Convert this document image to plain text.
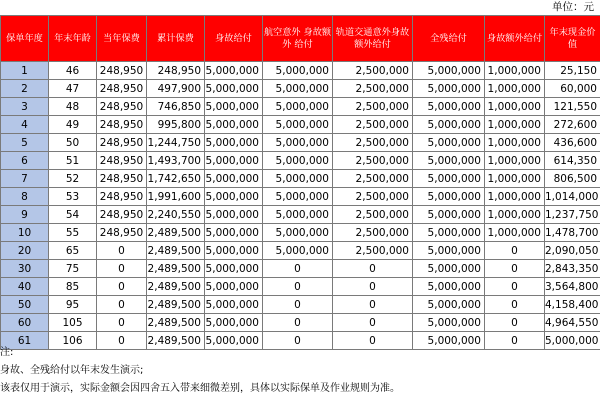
单位：元
保单年度	年末年龄	当年保费	累计保费	身故给付	航空意外 身故额外 给付	轨道交通意外身故 额外给付	全残给付	身故额外给付	年末现金价值
1	46	248,950	248,950	5,000,000	5,000,000	2,500,000	5,000,000	1,000,000	25,150
2	47	248,950	497,900	5,000,000	5,000,000	2,500,000	5,000,000	1,000,000	60,000
3	48	248,950	746,850	5,000,000	5,000,000	2,500,000	5,000,000	1,000,000	121,550
4	49	248,950	995,800	5,000,000	5,000,000	2,500,000	5,000,000	1,000,000	272,600
5	50	248,950	1,244,750	5,000,000	5,000,000	2,500,000	5,000,000	1,000,000	436,600
6	51	248,950	1,493,700	5,000,000	5,000,000	2,500,000	5,000,000	1,000,000	614,350
7	52	248,950	1,742,650	5,000,000	5,000,000	2,500,000	5,000,000	1,000,000	806,500
8	53	248,950	1,991,600	5,000,000	5,000,000	2,500,000	5,000,000	1,000,000	1,014,000
9	54	248,950	2,240,550	5,000,000	5,000,000	2,500,000	5,000,000	1,000,000	1,237,750
10	55	248,950	2,489,500	5,000,000	5,000,000	2,500,000	5,000,000	1,000,000	1,478,700
20	65	0	2,489,500	5,000,000	5,000,000	2,500,000	5,000,000	0	2,090,050
30	75	0	2,489,500	5,000,000	0	0	5,000,000	0	2,843,350
40	85	0	2,489,500	5,000,000	0	0	5,000,000	0	3,564,800
50	95	0	2,489,500	5,000,000	0	0	5,000,000	0	4,158,400
60	105	0	2,489,500	5,000,000	0	0	5,000,000	0	4,964,550
61	106	0	2,489,500	5,000,000	0	0	5,000,000	0	5,000,000
注:
身故、全残给付以年末发生演示;
该表仅用于演示，实际金额会因四舍五入带来细微差别，具体以实际保单及作业规则为准。
